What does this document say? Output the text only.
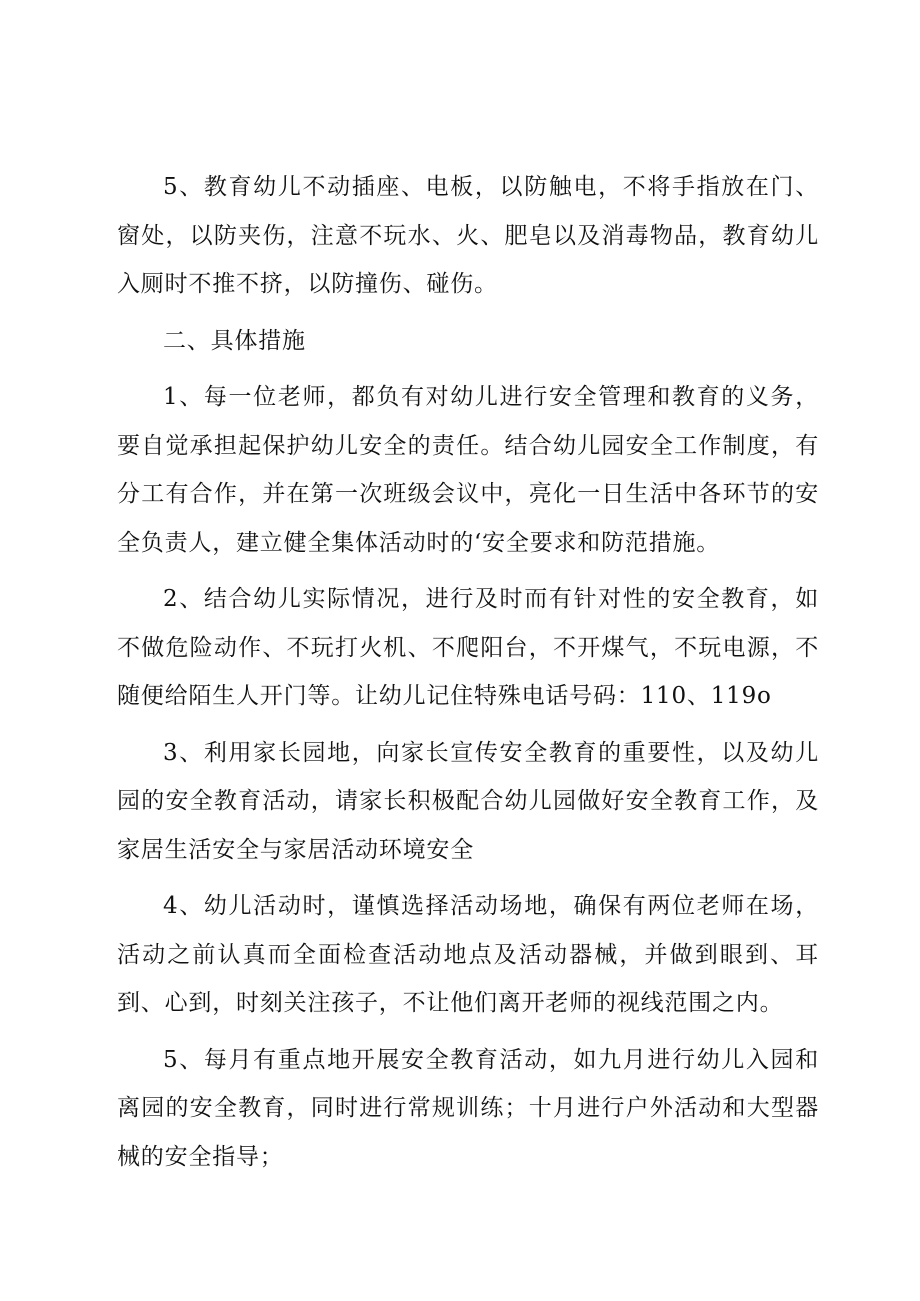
5、教育幼儿不动插座、电板，以防触电，不将手指放在门、窗处，以防夹伤，注意不玩水、火、肥皂以及消毒物品，教育幼儿入厕时不推不挤，以防撞伤、碰伤。

二、具体措施

1、每一位老师，都负有对幼儿进行安全管理和教育的义务，要自觉承担起保护幼儿安全的责任。结合幼儿园安全工作制度，有分工有合作，并在第一次班级会议中，亮化一日生活中各环节的安全负责人，建立健全集体活动时的‘安全要求和防范措施。

2、结合幼儿实际情况，进行及时而有针对性的安全教育，如不做危险动作、不玩打火机、不爬阳台，不开煤气，不玩电源，不随便给陌生人开门等。让幼儿记住特殊电话号码：110、119o

3、利用家长园地，向家长宣传安全教育的重要性，以及幼儿园的安全教育活动，请家长积极配合幼儿园做好安全教育工作，及家居生活安全与家居活动环境安全

4、幼儿活动时，谨慎选择活动场地，确保有两位老师在场，活动之前认真而全面检查活动地点及活动器械，并做到眼到、耳到、心到，时刻关注孩子，不让他们离开老师的视线范围之内。

5、每月有重点地开展安全教育活动，如九月进行幼儿入园和离园的安全教育，同时进行常规训练；十月进行户外活动和大型器械的安全指导；
